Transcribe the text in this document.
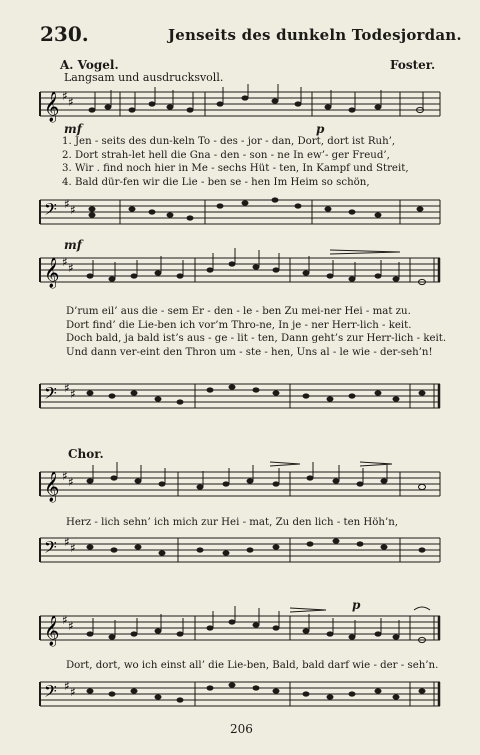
230.	Jenseits des dunkeln Todesjordan.
A. Vogel.	Foster.
Langsam und ausdrucksvoll.
𝄞 ♯ ♯
mf	p
1. Jen - seits des dun-keln To - des - jor - dan, Dort, dort ist Ruh’,
2. Dort strah-let hell die Gna - den - son - ne In ew’- ger Freud’,
3. Wir . find noch hier in Me - sechs Hüt - ten, In Kampf und Streit,
4. Bald dür-fen wir die Lie - ben se - hen Im Heim so schön,
𝄢 ♯ ♯
mf
𝄞 ♯ ♯
D’rum eil’ aus die - sem Er - den - le - ben Zu mei-ner Hei - mat zu.
Dort find’ die Lie-ben ich vor’m Thro-ne, In je - ner Herr-lich - keit.
Doch bald, ja bald ist’s aus - ge - lit - ten, Dann geht’s zur Herr-lich - keit.
Und dann ver-eint den Thron um - ste - hen, Uns al - le wie - der-seh’n!
𝄢 ♯ ♯
Chor.
𝄞 ♯ ♯
Herz - lich sehn’ ich mich zur Hei - mat, Zu den lich - ten Höh’n,
𝄢 ♯ ♯
p
𝄞 ♯ ♯
Dort, dort, wo ich einst all’ die Lie-ben, Bald, bald darf wie - der - seh’n.
𝄢 ♯ ♯
206
